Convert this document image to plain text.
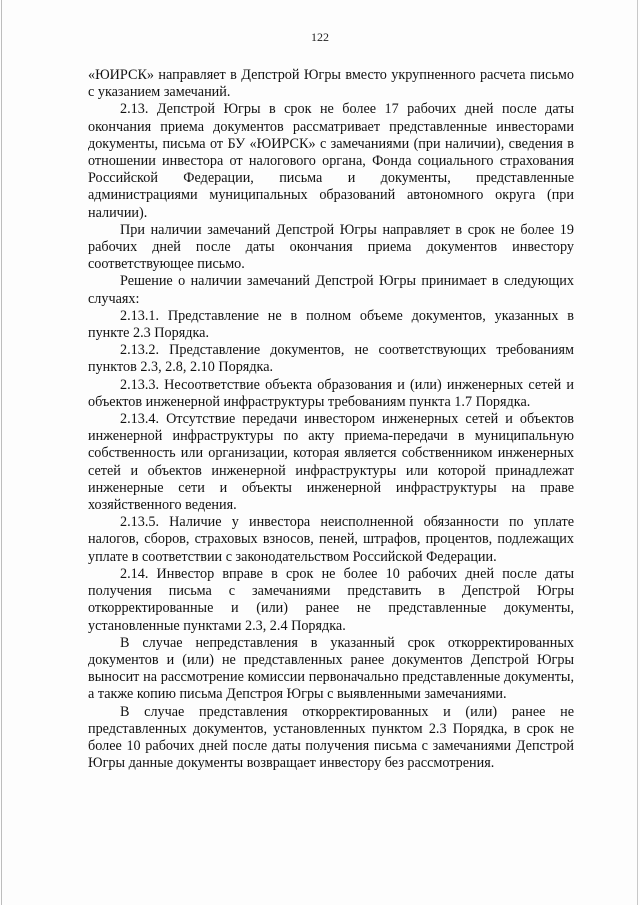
122

«ЮИРСК» направляет в Депстрой Югры вместо укрупненного расчета письмо с указанием замечаний.

2.13. Депстрой Югры в срок не более 17 рабочих дней после даты окончания приема документов рассматривает представленные инвесторами документы, письма от БУ «ЮИРСК» с замечаниями (при наличии), сведения в отношении инвестора от налогового органа, Фонда социального страхования Российской Федерации, письма и документы, представленные администрациями муниципальных образований автономного округа (при наличии).

При наличии замечаний Депстрой Югры направляет в срок не более 19 рабочих дней после даты окончания приема документов инвестору соответствующее письмо.

Решение о наличии замечаний Депстрой Югры принимает в следующих случаях:

2.13.1. Представление не в полном объеме документов, указанных в пункте 2.3 Порядка.

2.13.2. Представление документов, не соответствующих требованиям пунктов 2.3, 2.8, 2.10 Порядка.

2.13.3. Несоответствие объекта образования и (или) инженерных сетей и объектов инженерной инфраструктуры требованиям пункта 1.7 Порядка.

2.13.4. Отсутствие передачи инвестором инженерных сетей и объектов инженерной инфраструктуры по акту приема-передачи в муниципальную собственность или организации, которая является собственником инженерных сетей и объектов инженерной инфраструктуры или которой принадлежат инженерные сети и объекты инженерной инфраструктуры на праве хозяйственного ведения.

2.13.5. Наличие у инвестора неисполненной обязанности по уплате налогов, сборов, страховых взносов, пеней, штрафов, процентов, подлежащих уплате в соответствии с законодательством Российской Федерации.

2.14. Инвестор вправе в срок не более 10 рабочих дней после даты получения письма с замечаниями представить в Депстрой Югры откорректированные и (или) ранее не представленные документы, установленные пунктами 2.3, 2.4 Порядка.

В случае непредставления в указанный срок откорректированных документов и (или) не представленных ранее документов Депстрой Югры выносит на рассмотрение комиссии первоначально представленные документы, а также копию письма Депстроя Югры с выявленными замечаниями.

В случае представления откорректированных и (или) ранее не представленных документов, установленных пунктом 2.3 Порядка, в срок не более 10 рабочих дней после даты получения письма с замечаниями Депстрой Югры данные документы возвращает инвестору без рассмотрения.
